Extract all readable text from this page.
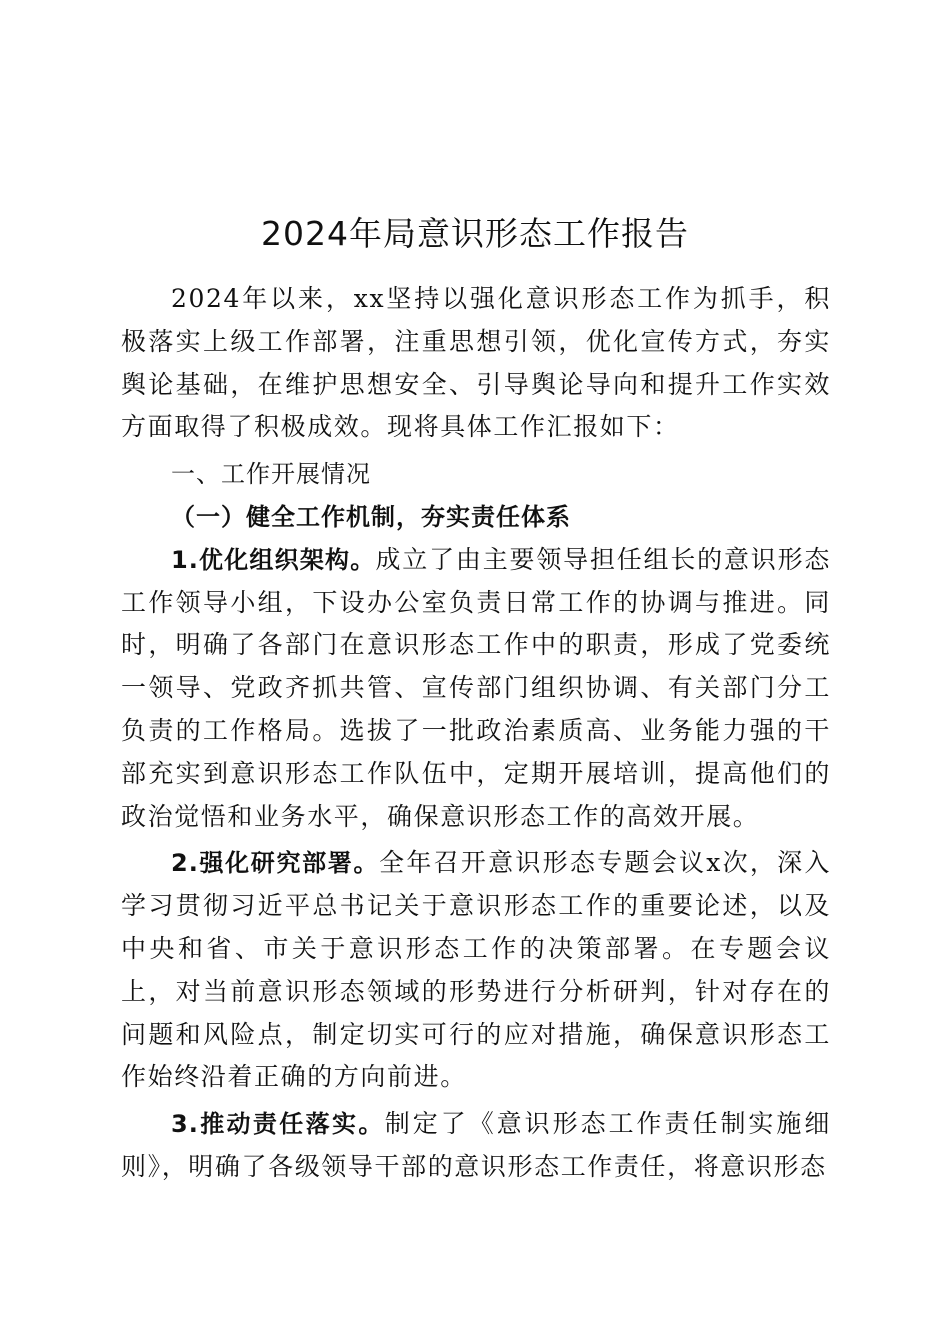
2024年局意识形态工作报告

2024年以来，xx坚持以强化意识形态工作为抓手，积极落实上级工作部署，注重思想引领，优化宣传方式，夯实舆论基础，在维护思想安全、引导舆论导向和提升工作实效方面取得了积极成效。现将具体工作汇报如下：

一、工作开展情况

（一）健全工作机制，夯实责任体系

1.优化组织架构。成立了由主要领导担任组长的意识形态工作领导小组，下设办公室负责日常工作的协调与推进。同时，明确了各部门在意识形态工作中的职责，形成了党委统一领导、党政齐抓共管、宣传部门组织协调、有关部门分工负责的工作格局。选拔了一批政治素质高、业务能力强的干部充实到意识形态工作队伍中，定期开展培训，提高他们的政治觉悟和业务水平，确保意识形态工作的高效开展。

2.强化研究部署。全年召开意识形态专题会议x次，深入学习贯彻习近平总书记关于意识形态工作的重要论述，以及中央和省、市关于意识形态工作的决策部署。在专题会议上，对当前意识形态领域的形势进行分析研判，针对存在的问题和风险点，制定切实可行的应对措施，确保意识形态工作始终沿着正确的方向前进。

3.推动责任落实。制定了《意识形态工作责任制实施细则》，明确了各级领导干部的意识形态工作责任，将意识形态
